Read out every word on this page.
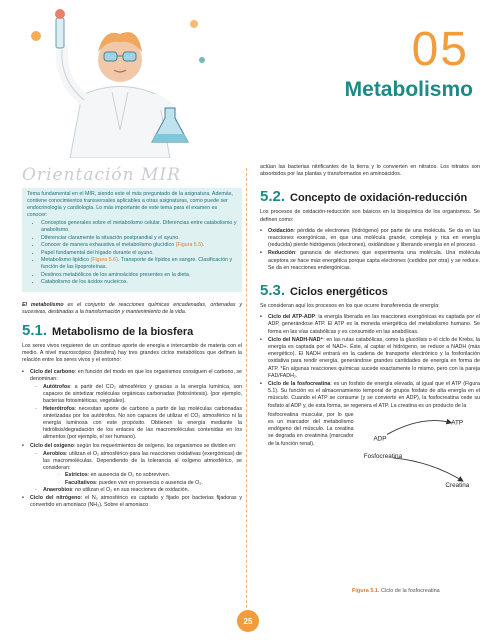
05
Metabolismo
Orientación MIR
Tema fundamental en el MIR, siendo este el más preguntado de la asignatura. Además, contiene conocimientos transversales aplicables a otras asignaturas, como puede ser endocrinología y cardiología. Lo más importante de este tema para el examen es conocer:
• Conceptos generales sobre el metabolismo celular. Diferencias entre catabolismo y anabolismo.
• Diferenciar claramente la situación postprandial y el ayuno.
• Conocer de manera exhaustiva el metabolismo glucídico (Figura 5.5).
• Papel fundamental del hígado durante el ayuno.
• Metabolismo lipídico (Figura 5.6). Transporte de lípidos en sangre. Clasificación y función de las lipoproteínas.
• Destinos metabólicos de los aminoácidos presentes en la dieta.
• Catabolismo de los ácidos nucleicos.

El metabolismo es el conjunto de reacciones químicas encadenadas, ordenadas y sucesivas, destinadas a la transformación y mantenimiento de la vida.

5.1. Metabolismo de la biosfera

Los seres vivos requieren de un continuo aporte de energía e intercambio de materia con el medio. A nivel macroscópico (biosfera) hay tres grandes ciclos metabólicos que definen la relación entre los seres vivos y el entorno:

• Ciclo del carbono: en función del modo en que los organismos consiguen el carbono, se denominan:
- Autótrofos: a partir del CO₂ atmosférico y gracias a la energía lumínica, son capaces de sintetizar moléculas orgánicas carbonadas (fotosíntesis). (por ejemplo, bacterias fotosintéticas, vegetales).
- Heterótrofos: necesitan aporte de carbono a partir de las moléculas carbonadas sintetizadas por los autótrofos. No son capaces de utilizar el CO₂ atmosférico ni la energía luminosa con este propósito. Obtienen la energía mediante la hidrólisis/degradación de los enlaces de las macromoléculas contenidas en los alimentos (por ejemplo, el ser humano).
• Ciclo del oxígeno: según los requerimientos de oxígeno, los organismos se dividen en:
- Aerobios: utilizan el O₂ atmosférico para las reacciones oxidativas (exergónicas) de las macromoléculas. Dependiendo de la tolerancia al oxígeno atmosférico, se consideran:
· Estrictos: en ausencia de O₂ no sobreviven.
· Facultativos: pueden vivir en presencia o ausencia de O₂.
- Anaerobios: no utilizan el O₂ en sus reacciones de oxidación.
• Ciclo del nitrógeno: el N₂ atmosférico es captado y fijado por bacterias fijadoras y convertido en amoniaco (NH₃). Sobre el amoniaco

actúan las bacterias nitrificantes de la tierra y lo convierten en nitratos. Los nitratos son absorbidos por las plantas y transformados en aminoácidos.

5.2. Concepto de oxidación-reducción

Los procesos de oxidación-reducción son básicos en la bioquímica de los organismos. Se definen como:

• Oxidación: pérdida de electrones (hidrógeno) por parte de una molécula. Se da en las reacciones exergónicas, en que una molécula grande, compleja y rica en energía (reducida) pierde hidrógenos (electrones), oxidándose y liberando energía en el proceso.
• Reducción: ganancia de electrones que experimenta una molécula. Una molécula aceptora se hace más energética porque capta electrones (cedidos por otra) y se reduce. Se da en reacciones endergónicas.
5.3. Ciclos energéticos

Se consideran aquí los procesos en los que ocurre transferencia de energía:

• Ciclo del ATP-ADP: la energía liberada en las reacciones exergónicas es captada por el ADP, generándose ATP. El ATP es la moneda energética del metabolismo humano. Se forma en las vías catabólicas y es consumido en las anabólicas.
• Ciclo del NADH-NAD⁺: en las rutas catabólicas, como la glucólisis o el ciclo de Krebs, la energía es captada por el NAD+. Éste, al captar el hidrógeno, se reduce a NADH (más energético). El NADH entrará en la cadena de transporte electrónico y la fosforilación oxidativa para rendir energía, generándose grandes cantidades de energía en forma de ATP. *En algunas reacciones químicas sucede exactamente lo mismo, pero con la pareja FAD/FADH₂.
• Ciclo de la fosfocreatina: es un fosfato de energía elevada, al igual que el ATP (Figura 5.1). Su función es el almacenamiento temporal de grupos fosfato de alta energía en el músculo. Cuando el ATP se consume (y se convierte en ADP), la fosfocreatina cede su fosfato al ADP y, de esta forma, se regenera el ATP. La creatina es un producto de la
fosfocreatina muscular, por lo que es un marcador del metabolismo endógeno del músculo. La creatina se degrada en creatinina (marcador de la función renal).
ATP
ADP
Fosfocreatina
Creatina
Figura 5.1. Ciclo de la fosfocreatina
25
